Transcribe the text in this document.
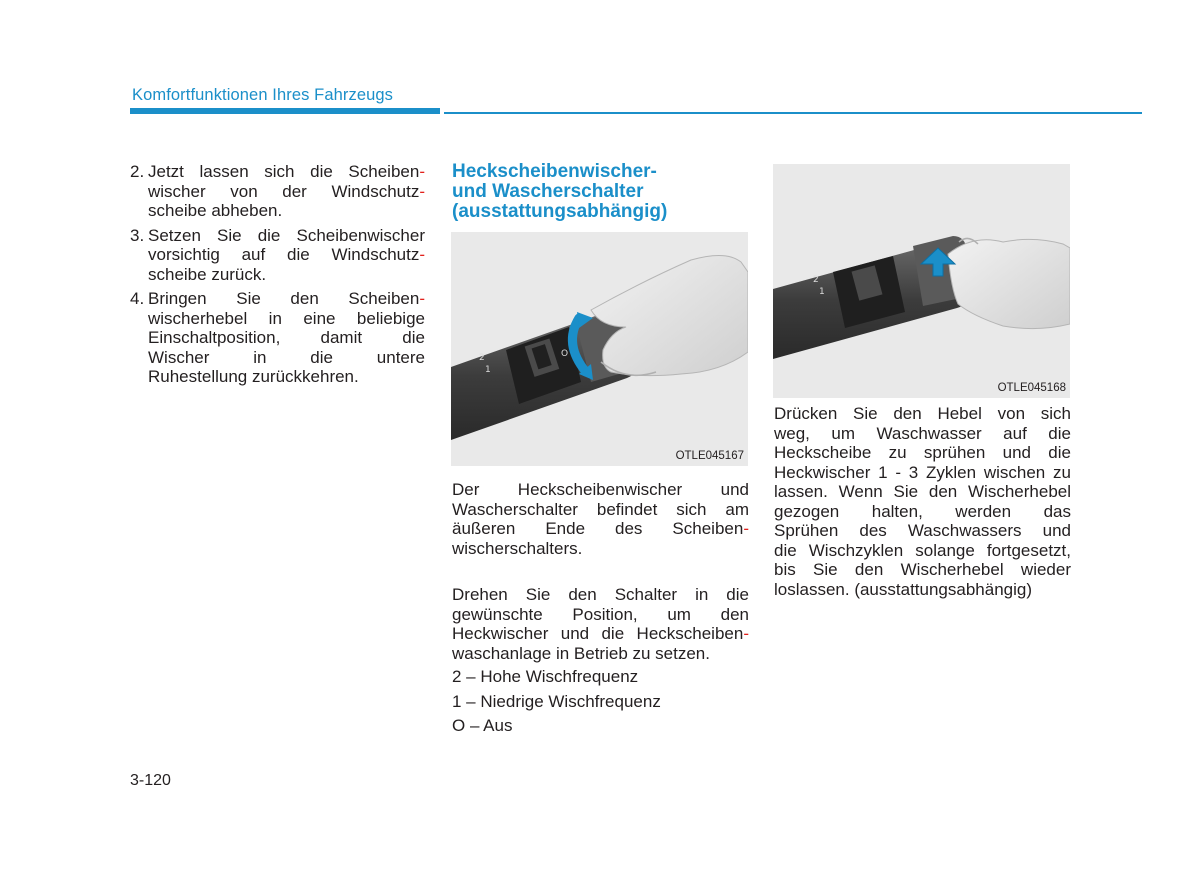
Komfortfunktionen Ihres Fahrzeugs
2. Jetzt lassen sich die Scheiben-
wischer von der Windschutz-
scheibe abheben.
3. Setzen Sie die Scheibenwischer
vorsichtig auf die Windschutz-
scheibe zurück.
4. Bringen Sie den Scheiben-
wischerhebel in eine beliebige
Einschaltposition, damit die
Wischer in die untere
Ruhestellung zurückkehren.
Heckscheibenwischer-
und Wascherschalter
(ausstattungsabhängig)
2
1
O
OTLE045167
2
1
OTLE045168
Der Heckscheibenwischer und
Wascherschalter befindet sich am
äußeren Ende des Scheiben-
wischerschalters.
Drehen Sie den Schalter in die
gewünschte Position, um den
Heckwischer und die Heckscheiben-
waschanlage in Betrieb zu setzen.
2 – Hohe Wischfrequenz
1 – Niedrige Wischfrequenz
O – Aus
Drücken Sie den Hebel von sich
weg, um Waschwasser auf die
Heckscheibe zu sprühen und die
Heckwischer 1 - 3 Zyklen wischen zu
lassen. Wenn Sie den Wischerhebel
gezogen halten, werden das
Sprühen des Waschwassers und
die Wischzyklen solange fortgesetzt,
bis Sie den Wischerhebel wieder
loslassen. (ausstattungsabhängig)
3-120
